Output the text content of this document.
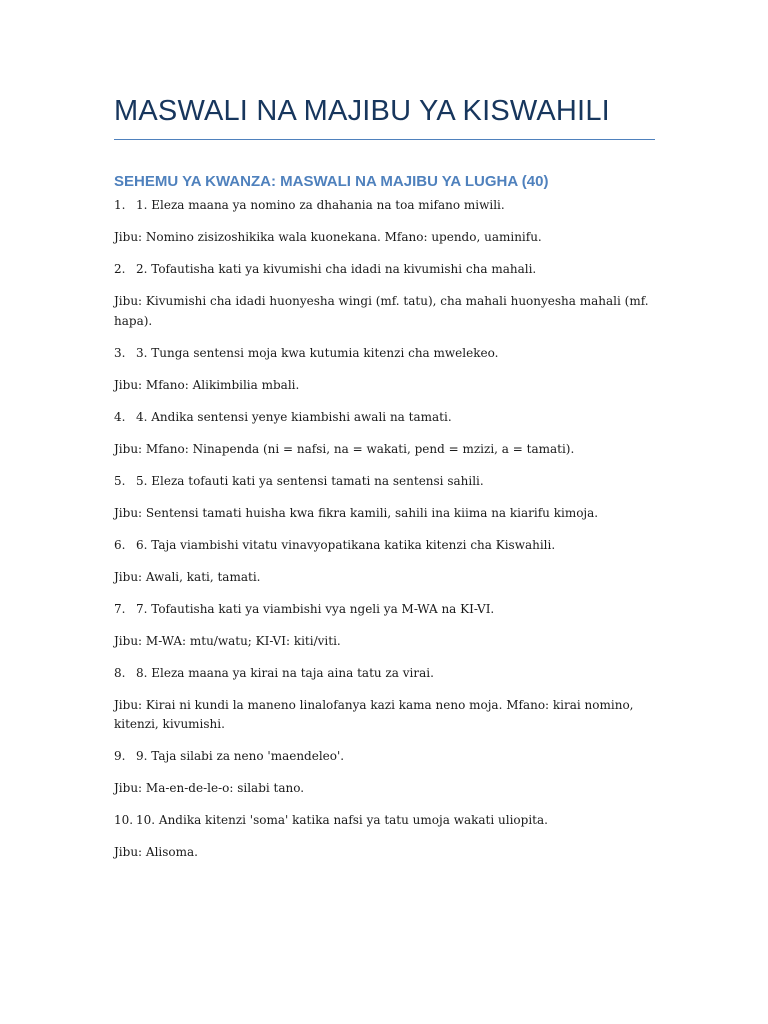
MASWALI NA MAJIBU YA KISWAHILI
SEHEMU YA KWANZA: MASWALI NA MAJIBU YA LUGHA (40)
1. 1. Eleza maana ya nomino za dhahania na toa mifano miwili.
Jibu: Nomino zisizoshikika wala kuonekana. Mfano: upendo, uaminifu.
2. 2. Tofautisha kati ya kivumishi cha idadi na kivumishi cha mahali.
Jibu: Kivumishi cha idadi huonyesha wingi (mf. tatu), cha mahali huonyesha mahali (mf. hapa).
3. 3. Tunga sentensi moja kwa kutumia kitenzi cha mwelekeo.
Jibu: Mfano: Alikimbilia mbali.
4. 4. Andika sentensi yenye kiambishi awali na tamati.
Jibu: Mfano: Ninapenda (ni = nafsi, na = wakati, pend = mzizi, a = tamati).
5. 5. Eleza tofauti kati ya sentensi tamati na sentensi sahili.
Jibu: Sentensi tamati huisha kwa fikra kamili, sahili ina kiima na kiarifu kimoja.
6. 6. Taja viambishi vitatu vinavyopatikana katika kitenzi cha Kiswahili.
Jibu: Awali, kati, tamati.
7. 7. Tofautisha kati ya viambishi vya ngeli ya M-WA na KI-VI.
Jibu: M-WA: mtu/watu; KI-VI: kiti/viti.
8. 8. Eleza maana ya kirai na taja aina tatu za virai.
Jibu: Kirai ni kundi la maneno linalofanya kazi kama neno moja. Mfano: kirai nomino, kitenzi, kivumishi.
9. 9. Taja silabi za neno 'maendeleo'.
Jibu: Ma-en-de-le-o: silabi tano.
10. 10. Andika kitenzi 'soma' katika nafsi ya tatu umoja wakati uliopita.
Jibu: Alisoma.
